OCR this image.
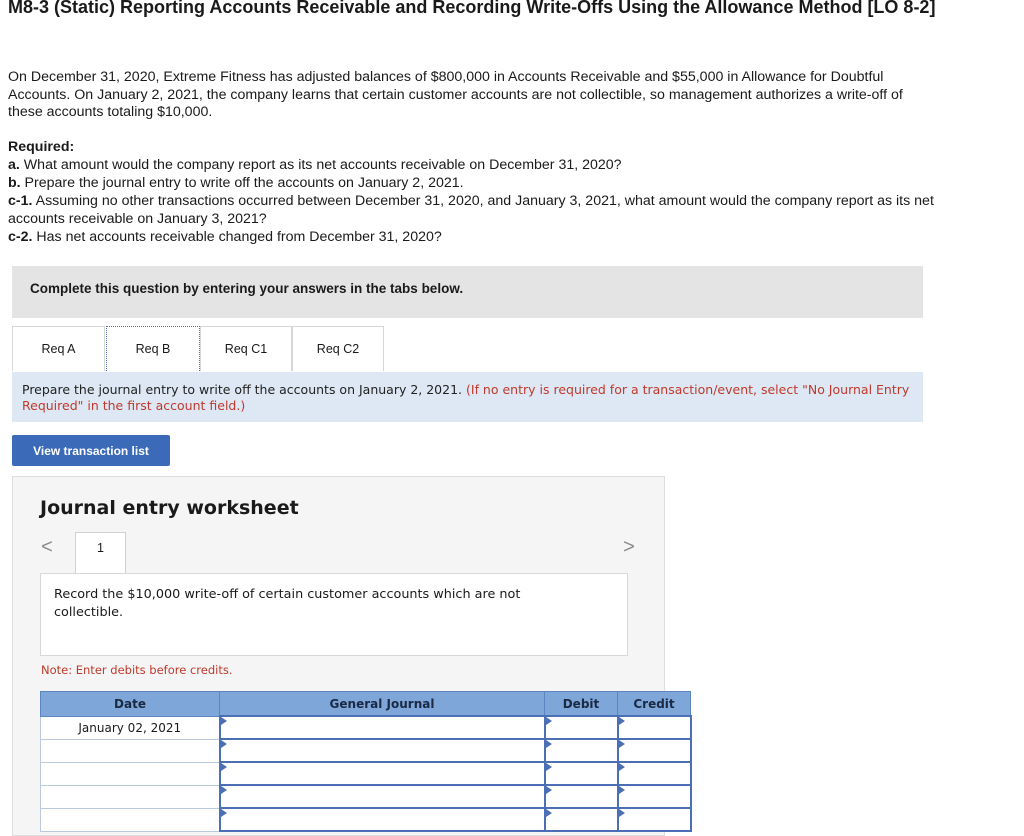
M8-3 (Static) Reporting Accounts Receivable and Recording Write-Offs Using the Allowance Method [LO 8-2]
On December 31, 2020, Extreme Fitness has adjusted balances of $800,000 in Accounts Receivable and $55,000 in Allowance for Doubtful Accounts. On January 2, 2021, the company learns that certain customer accounts are not collectible, so management authorizes a write-off of these accounts totaling $10,000.
Required:
a. What amount would the company report as its net accounts receivable on December 31, 2020?
b. Prepare the journal entry to write off the accounts on January 2, 2021.
c-1. Assuming no other transactions occurred between December 31, 2020, and January 3, 2021, what amount would the company report as its net accounts receivable on January 3, 2021?
c-2. Has net accounts receivable changed from December 31, 2020?
Complete this question by entering your answers in the tabs below.
Req A	Req B	Req C1	Req C2

Prepare the journal entry to write off the accounts on January 2, 2021. (If no entry is required for a transaction/event, select "No Journal Entry Required" in the first account field.)

View transaction list
Journal entry worksheet
<	1	>

Record the $10,000 write-off of certain customer accounts which are not collectible.

Note: Enter debits before credits.
Date	General Journal	Debit	Credit
January 02, 2021	
